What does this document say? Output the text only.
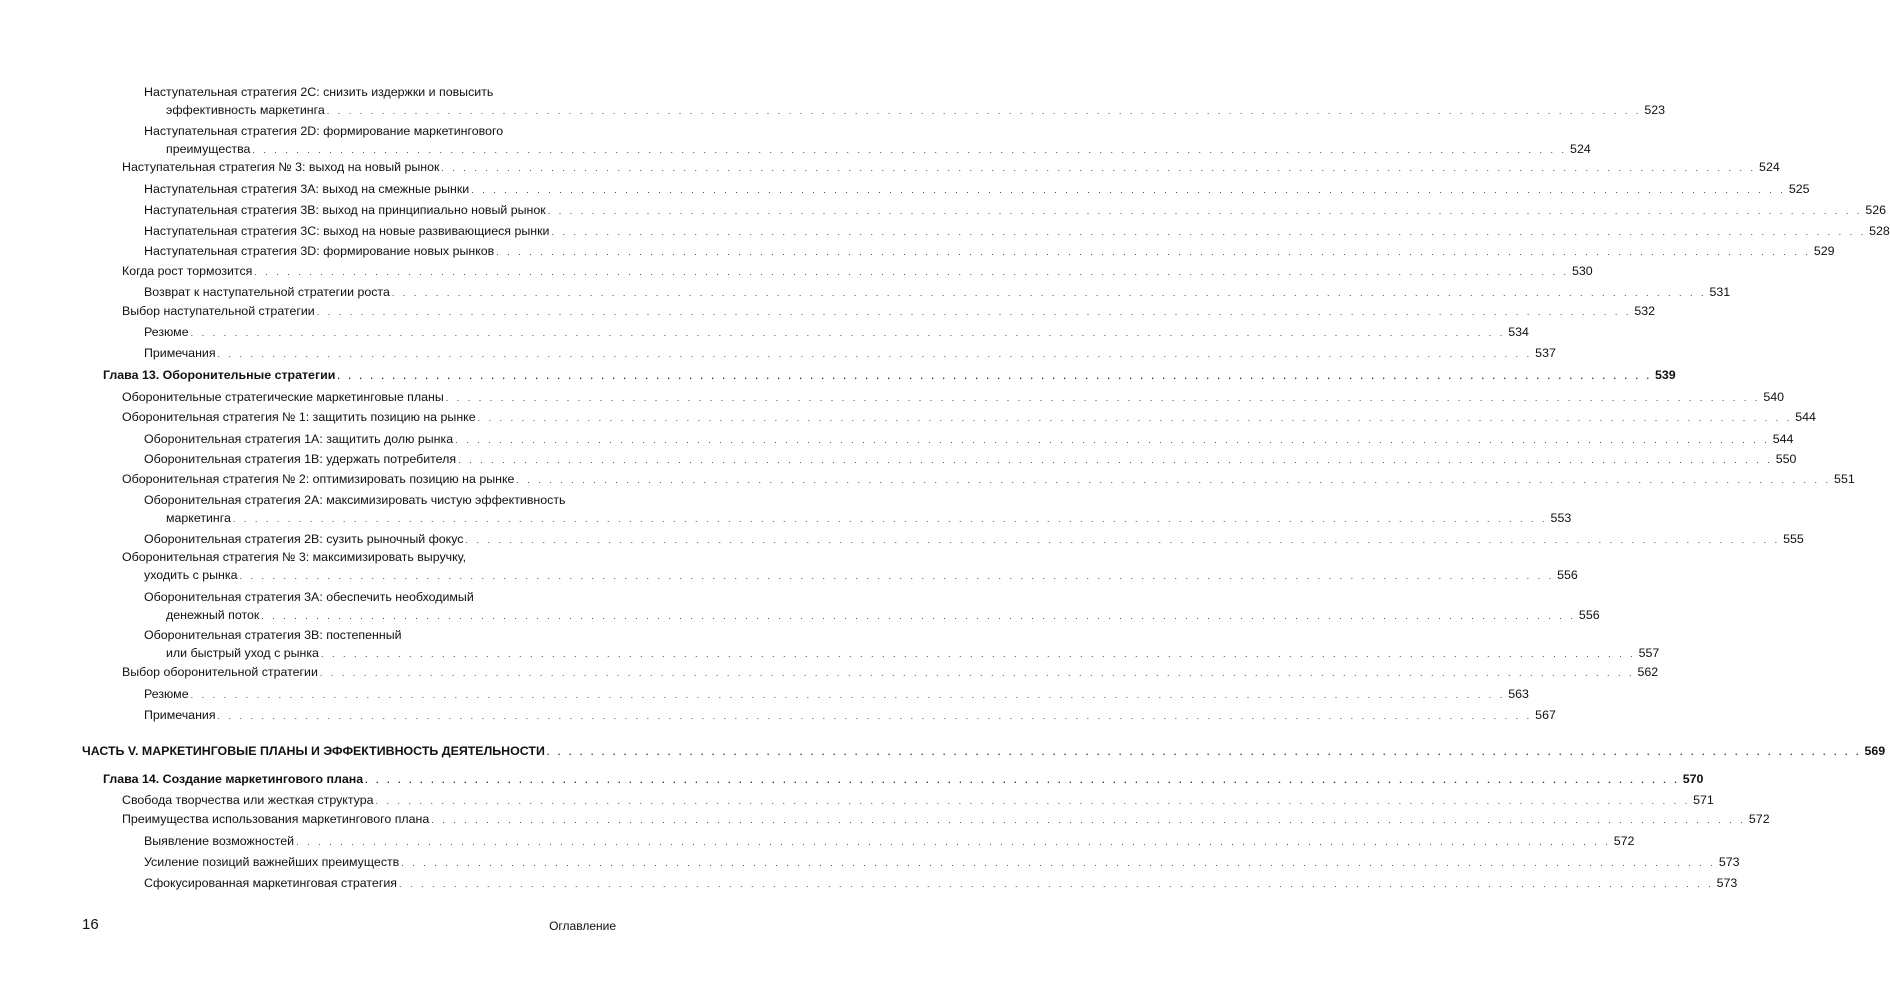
Наступательная стратегия 2С: снизить издержки и повысить
эффективность маркетинга . . . . . . . . . . . . . . . . . . . . . . . . . . . . . . . . . . . . . . . . . . . . . . . . . . . . . . . . . . . . . . . . . . . . . . . . . . . . . . . . . . . . . . . . . . . . . . . . . . . . . . . . . . . . . . . . . . . . . . . . 523
Наступательная стратегия 2D: формирование маркетингового
преимущества . . . . . . . . . . . . . . . . . . . . . . . . . . . . . . . . . . . . . . . . . . . . . . . . . . . . . . . . . . . . . . . . . . . . . . . . . . . . . . . . . . . . . . . . . . . . . . . . . . . . . . . . . . . . . . . . . . . . . . . . 524
Наступательная стратегия № 3: выход на новый рынок . . . . . . . . . . . . . . . . . . . . . . . . . . . . . . . . . . . . . . . . . . . . . . . . . . . . . . . . . . . . . . . . . . . . . . . . . . . . . . . . . . . . . . . . . . . . . . . . . . . . . . . . . . . . . . . . . . . . . . . . 524
Наступательная стратегия 3А: выход на смежные рынки . . . . . . . . . . . . . . . . . . . . . . . . . . . . . . . . . . . . . . . . . . . . . . . . . . . . . . . . . . . . . . . . . . . . . . . . . . . . . . . . . . . . . . . . . . . . . . . . . . . . . . . . . . . . . . . . . . . . . . . . 525
Наступательная стратегия 3В: выход на принципиально новый рынок . . . . . . . . . . . . . . . . . . . . . . . . . . . . . . . . . . . . . . . . . . . . . . . . . . . . . . . . . . . . . . . . . . . . . . . . . . . . . . . . . . . . . . . . . . . . . . . . . . . . . . . . . . . . . . . . . . . . . . . . 526
Наступательная стратегия 3С: выход на новые развивающиеся рынки . . . . . . . . . . . . . . . . . . . . . . . . . . . . . . . . . . . . . . . . . . . . . . . . . . . . . . . . . . . . . . . . . . . . . . . . . . . . . . . . . . . . . . . . . . . . . . . . . . . . . . . . . . . . . . . . . . . . . . . . 528
Наступательная стратегия 3D: формирование новых рынков . . . . . . . . . . . . . . . . . . . . . . . . . . . . . . . . . . . . . . . . . . . . . . . . . . . . . . . . . . . . . . . . . . . . . . . . . . . . . . . . . . . . . . . . . . . . . . . . . . . . . . . . . . . . . . . . . . . . . . . . 529
Когда рост тормозится . . . . . . . . . . . . . . . . . . . . . . . . . . . . . . . . . . . . . . . . . . . . . . . . . . . . . . . . . . . . . . . . . . . . . . . . . . . . . . . . . . . . . . . . . . . . . . . . . . . . . . . . . . . . . . . . . . . . . . . . 530
Возврат к наступательной стратегии роста . . . . . . . . . . . . . . . . . . . . . . . . . . . . . . . . . . . . . . . . . . . . . . . . . . . . . . . . . . . . . . . . . . . . . . . . . . . . . . . . . . . . . . . . . . . . . . . . . . . . . . . . . . . . . . . . . . . . . . . . 531
Выбор наступательной стратегии . . . . . . . . . . . . . . . . . . . . . . . . . . . . . . . . . . . . . . . . . . . . . . . . . . . . . . . . . . . . . . . . . . . . . . . . . . . . . . . . . . . . . . . . . . . . . . . . . . . . . . . . . . . . . . . . . . . . . . . . 532
Резюме . . . . . . . . . . . . . . . . . . . . . . . . . . . . . . . . . . . . . . . . . . . . . . . . . . . . . . . . . . . . . . . . . . . . . . . . . . . . . . . . . . . . . . . . . . . . . . . . . . . . . . . . . . . . . . . . . . . . . . . . 534
Примечания . . . . . . . . . . . . . . . . . . . . . . . . . . . . . . . . . . . . . . . . . . . . . . . . . . . . . . . . . . . . . . . . . . . . . . . . . . . . . . . . . . . . . . . . . . . . . . . . . . . . . . . . . . . . . . . . . . . . . . . . 537
Глава 13. Оборонительные стратегии . . . . . . . . . . . . . . . . . . . . . . . . . . . . . . . . . . . . . . . . . . . . . . . . . . . . . . . . . . . . . . . . . . . . . . . . . . . . . . . . . . . . . . . . . . . . . . . . . . . . . . . . . . . . . . . . . . . . . . . . 539
Оборонительные стратегические маркетинговые планы . . . . . . . . . . . . . . . . . . . . . . . . . . . . . . . . . . . . . . . . . . . . . . . . . . . . . . . . . . . . . . . . . . . . . . . . . . . . . . . . . . . . . . . . . . . . . . . . . . . . . . . . . . . . . . . . . . . . . . . . 540
Оборонительная стратегия № 1: защитить позицию на рынке . . . . . . . . . . . . . . . . . . . . . . . . . . . . . . . . . . . . . . . . . . . . . . . . . . . . . . . . . . . . . . . . . . . . . . . . . . . . . . . . . . . . . . . . . . . . . . . . . . . . . . . . . . . . . . . . . . . . . . . . 544
Оборонительная стратегия 1А: защитить долю рынка . . . . . . . . . . . . . . . . . . . . . . . . . . . . . . . . . . . . . . . . . . . . . . . . . . . . . . . . . . . . . . . . . . . . . . . . . . . . . . . . . . . . . . . . . . . . . . . . . . . . . . . . . . . . . . . . . . . . . . . . 544
Оборонительная стратегия 1В: удержать потребителя . . . . . . . . . . . . . . . . . . . . . . . . . . . . . . . . . . . . . . . . . . . . . . . . . . . . . . . . . . . . . . . . . . . . . . . . . . . . . . . . . . . . . . . . . . . . . . . . . . . . . . . . . . . . . . . . . . . . . . . . 550
Оборонительная стратегия № 2: оптимизировать позицию на рынке . . . . . . . . . . . . . . . . . . . . . . . . . . . . . . . . . . . . . . . . . . . . . . . . . . . . . . . . . . . . . . . . . . . . . . . . . . . . . . . . . . . . . . . . . . . . . . . . . . . . . . . . . . . . . . . . . . . . . . . . 551
Оборонительная стратегия 2А: максимизировать чистую эффективность
маркетинга . . . . . . . . . . . . . . . . . . . . . . . . . . . . . . . . . . . . . . . . . . . . . . . . . . . . . . . . . . . . . . . . . . . . . . . . . . . . . . . . . . . . . . . . . . . . . . . . . . . . . . . . . . . . . . . . . . . . . . . . 553
Оборонительная стратегия 2В: сузить рыночный фокус . . . . . . . . . . . . . . . . . . . . . . . . . . . . . . . . . . . . . . . . . . . . . . . . . . . . . . . . . . . . . . . . . . . . . . . . . . . . . . . . . . . . . . . . . . . . . . . . . . . . . . . . . . . . . . . . . . . . . . . . 555
Оборонительная стратегия № 3: максимизировать выручку,
уходить с рынка . . . . . . . . . . . . . . . . . . . . . . . . . . . . . . . . . . . . . . . . . . . . . . . . . . . . . . . . . . . . . . . . . . . . . . . . . . . . . . . . . . . . . . . . . . . . . . . . . . . . . . . . . . . . . . . . . . . . . . . . 556
Оборонительная стратегия 3А: обеспечить необходимый
денежный поток . . . . . . . . . . . . . . . . . . . . . . . . . . . . . . . . . . . . . . . . . . . . . . . . . . . . . . . . . . . . . . . . . . . . . . . . . . . . . . . . . . . . . . . . . . . . . . . . . . . . . . . . . . . . . . . . . . . . . . . . 556
Оборонительная стратегия 3В: постепенный
или быстрый уход с рынка . . . . . . . . . . . . . . . . . . . . . . . . . . . . . . . . . . . . . . . . . . . . . . . . . . . . . . . . . . . . . . . . . . . . . . . . . . . . . . . . . . . . . . . . . . . . . . . . . . . . . . . . . . . . . . . . . . . . . . . . 557
Выбор оборонительной стратегии . . . . . . . . . . . . . . . . . . . . . . . . . . . . . . . . . . . . . . . . . . . . . . . . . . . . . . . . . . . . . . . . . . . . . . . . . . . . . . . . . . . . . . . . . . . . . . . . . . . . . . . . . . . . . . . . . . . . . . . . 562
Резюме . . . . . . . . . . . . . . . . . . . . . . . . . . . . . . . . . . . . . . . . . . . . . . . . . . . . . . . . . . . . . . . . . . . . . . . . . . . . . . . . . . . . . . . . . . . . . . . . . . . . . . . . . . . . . . . . . . . . . . . . 563
Примечания . . . . . . . . . . . . . . . . . . . . . . . . . . . . . . . . . . . . . . . . . . . . . . . . . . . . . . . . . . . . . . . . . . . . . . . . . . . . . . . . . . . . . . . . . . . . . . . . . . . . . . . . . . . . . . . . . . . . . . . . 567
ЧАСТЬ V. МАРКЕТИНГОВЫЕ ПЛАНЫ И ЭФФЕКТИВНОСТЬ ДЕЯТЕЛЬНОСТИ . . . . . . . . . . . . . . . . . . . . . . . . . . . . . . . . . . . . . . . . . . . . . . . . . . . . . . . . . . . . . . . . . . . . . . . . . . . . . . . . . . . . . . . . . . . . . . . . . . . . . . . . . . . . . . . . . . . . . . . . 569
Глава 14. Создание маркетингового плана . . . . . . . . . . . . . . . . . . . . . . . . . . . . . . . . . . . . . . . . . . . . . . . . . . . . . . . . . . . . . . . . . . . . . . . . . . . . . . . . . . . . . . . . . . . . . . . . . . . . . . . . . . . . . . . . . . . . . . . . 570
Свобода творчества или жесткая структура . . . . . . . . . . . . . . . . . . . . . . . . . . . . . . . . . . . . . . . . . . . . . . . . . . . . . . . . . . . . . . . . . . . . . . . . . . . . . . . . . . . . . . . . . . . . . . . . . . . . . . . . . . . . . . . . . . . . . . . . 571
Преимущества использования маркетингового плана . . . . . . . . . . . . . . . . . . . . . . . . . . . . . . . . . . . . . . . . . . . . . . . . . . . . . . . . . . . . . . . . . . . . . . . . . . . . . . . . . . . . . . . . . . . . . . . . . . . . . . . . . . . . . . . . . . . . . . . . 572
Выявление возможностей . . . . . . . . . . . . . . . . . . . . . . . . . . . . . . . . . . . . . . . . . . . . . . . . . . . . . . . . . . . . . . . . . . . . . . . . . . . . . . . . . . . . . . . . . . . . . . . . . . . . . . . . . . . . . . . . . . . . . . . . 572
Усиление позиций важнейших преимуществ . . . . . . . . . . . . . . . . . . . . . . . . . . . . . . . . . . . . . . . . . . . . . . . . . . . . . . . . . . . . . . . . . . . . . . . . . . . . . . . . . . . . . . . . . . . . . . . . . . . . . . . . . . . . . . . . . . . . . . . . 573
Сфокусированная маркетинговая стратегия . . . . . . . . . . . . . . . . . . . . . . . . . . . . . . . . . . . . . . . . . . . . . . . . . . . . . . . . . . . . . . . . . . . . . . . . . . . . . . . . . . . . . . . . . . . . . . . . . . . . . . . . . . . . . . . . . . . . . . . . 573
16	Оглавление
